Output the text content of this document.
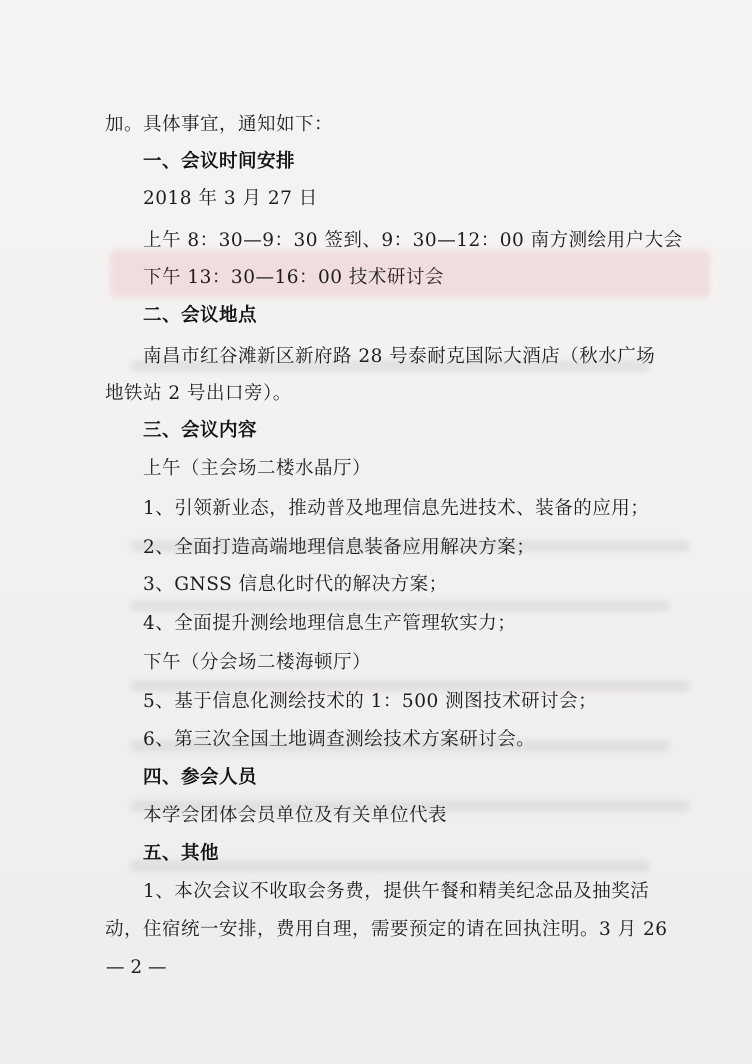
加。具体事宜，通知如下：
一、会议时间安排
2018 年 3 月 27 日
上午 8：30—9：30 签到、9：30—12：00 南方测绘用户大会
下午 13：30—16：00 技术研讨会
二、会议地点
南昌市红谷滩新区新府路 28 号泰耐克国际大酒店（秋水广场
地铁站 2 号出口旁）。
三、会议内容
上午（主会场二楼水晶厅）
1、引领新业态，推动普及地理信息先进技术、装备的应用；
2、全面打造高端地理信息装备应用解决方案；
3、GNSS 信息化时代的解决方案；
4、全面提升测绘地理信息生产管理软实力；
下午（分会场二楼海顿厅）
5、基于信息化测绘技术的 1：500 测图技术研讨会；
6、第三次全国土地调查测绘技术方案研讨会。
四、参会人员
本学会团体会员单位及有关单位代表
五、其他
1、本次会议不收取会务费，提供午餐和精美纪念品及抽奖活
动，住宿统一安排，费用自理，需要预定的请在回执注明。3 月 26
— 2 —
